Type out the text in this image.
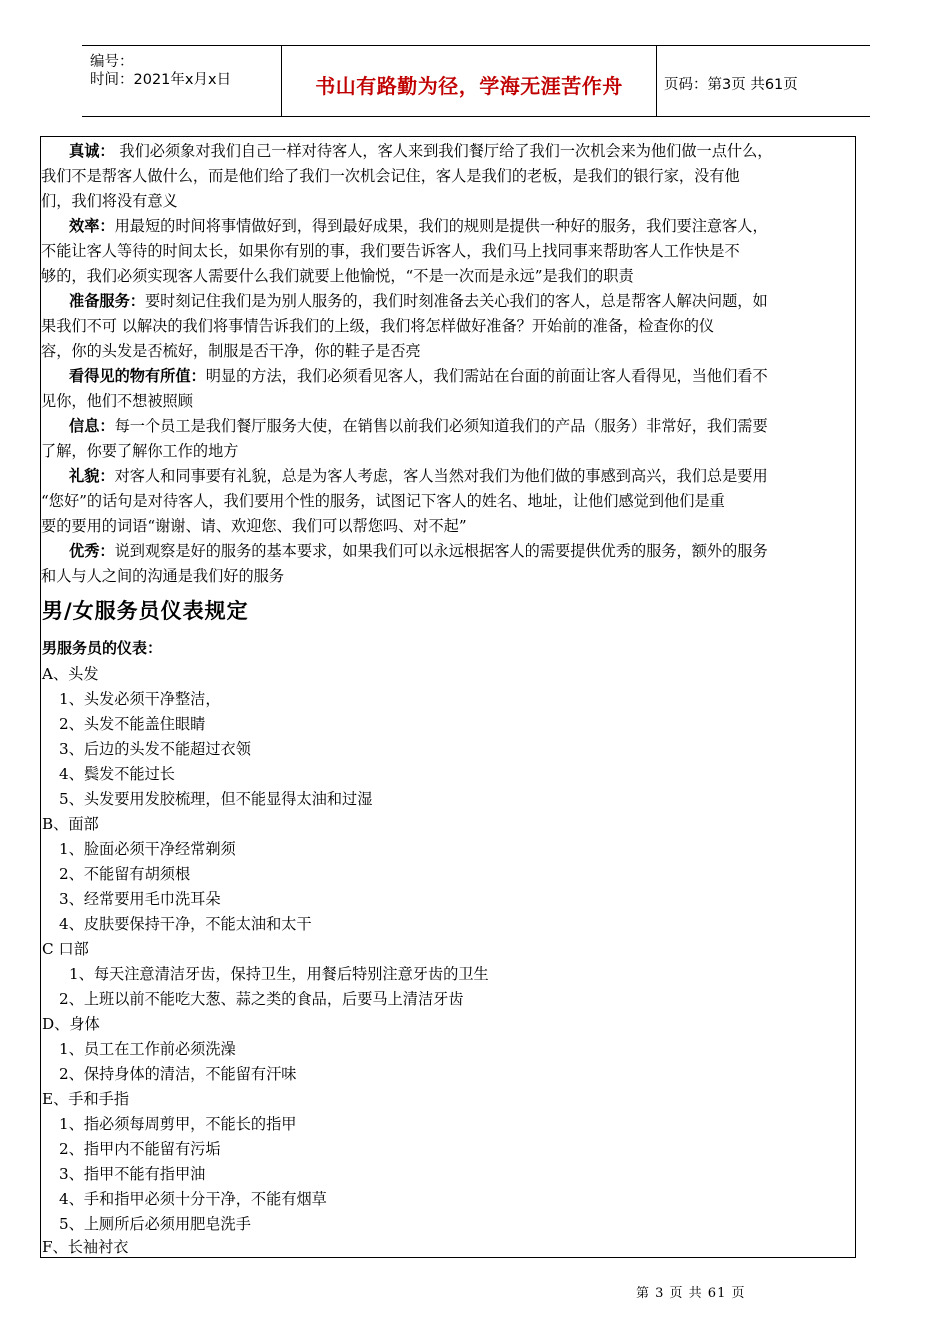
编号：
时间：2021年x月x日	书山有路勤为径，学海无涯苦作舟	页码：第3页 共61页
真诚： 我们必须象对我们自己一样对待客人，客人来到我们餐厅给了我们一次机会来为他们做一点什么，
我们不是帮客人做什么，而是他们给了我们一次机会记住，客人是我们的老板，是我们的银行家，没有他
们，我们将没有意义
效率：用最短的时间将事情做好到，得到最好成果，我们的规则是提供一种好的服务，我们要注意客人，
不能让客人等待的时间太长，如果你有别的事，我们要告诉客人，我们马上找同事来帮助客人工作快是不
够的，我们必须实现客人需要什么我们就要上他愉悦，“不是一次而是永远”是我们的职责
准备服务：要时刻记住我们是为别人服务的，我们时刻准备去关心我们的客人，总是帮客人解决问题，如
果我们不可 以解决的我们将事情告诉我们的上级，我们将怎样做好准备？开始前的准备，检查你的仪
容，你的头发是否梳好，制服是否干净，你的鞋子是否亮
看得见的物有所值：明显的方法，我们必须看见客人，我们需站在台面的前面让客人看得见，当他们看不
见你，他们不想被照顾
信息：每一个员工是我们餐厅服务大使，在销售以前我们必须知道我们的产品（服务）非常好，我们需要
了解，你要了解你工作的地方
礼貌：对客人和同事要有礼貌，总是为客人考虑，客人当然对我们为他们做的事感到高兴，我们总是要用
“您好”的话句是对待客人，我们要用个性的服务，试图记下客人的姓名、地址，让他们感觉到他们是重
要的要用的词语“谢谢、请、欢迎您、我们可以帮您吗、对不起”
优秀：说到观察是好的服务的基本要求，如果我们可以永远根据客人的需要提供优秀的服务，额外的服务
和人与人之间的沟通是我们好的服务
男/女服务员仪表规定
男服务员的仪表：
A、头发
1、头发必须干净整洁，
2、头发不能盖住眼睛
3、后边的头发不能超过衣领
4、鬓发不能过长
5、头发要用发胶梳理，但不能显得太油和过湿
B、面部
1、脸面必须干净经常剃须
2、不能留有胡须根
3、经常要用毛巾洗耳朵
4、皮肤要保持干净，不能太油和太干
C 口部
1、每天注意清洁牙齿，保持卫生，用餐后特别注意牙齿的卫生
2、上班以前不能吃大葱、蒜之类的食品，后要马上清洁牙齿
D、身体
1、员工在工作前必须洗澡
2、保持身体的清洁，不能留有汗味
E、手和手指
1、指必须每周剪甲，不能长的指甲
2、指甲内不能留有污垢
3、指甲不能有指甲油
4、手和指甲必须十分干净，不能有烟草
5、上厕所后必须用肥皂洗手
F、长袖衬衣
第 3 页 共 61 页
